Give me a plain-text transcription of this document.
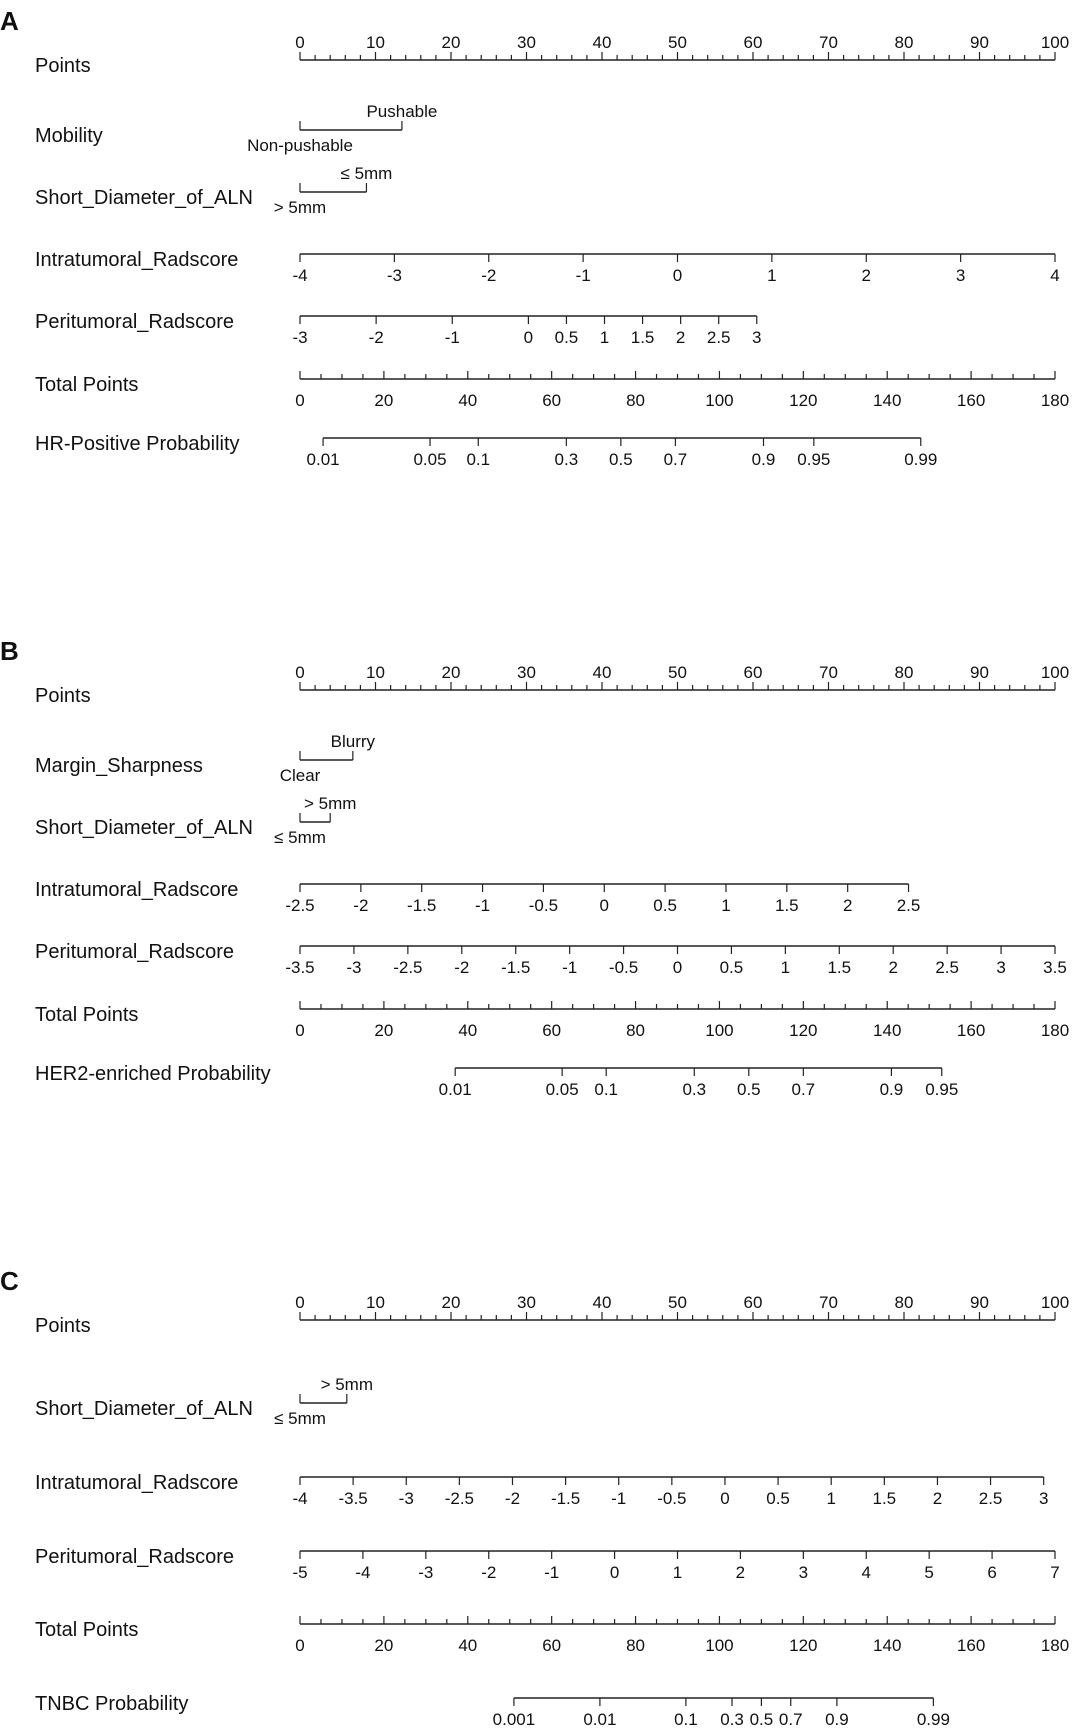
A
Points
0	10	20	30	40	50	60	70	80	90	100
Mobility	Non-pushable
Pushable
Short_Diameter_of_ALN > 5mm
≤ 5mm
Intratumoral_Radscore
-4	-3	-2	-1	0	1	2	3	4
Peritumoral_Radscore
-3	-2	-1	0 0.5 1 1.5 2 2.5 3
Total Points
0	20	40	60	80	100	120	140	160	180
HR-Positive Probability
0.01	0.05 0.1	0.3 0.5 0.7	0.9 0.95	0.99
B
Points
0	10	20	30	40	50	60	70	80	90	100
Margin_Sharpness	Clear
Blurry
Short_Diameter_of_ALN ≤ 5mm
> 5mm
Intratumoral_Radscore
-2.5 -2 -1.5 -1 -0.5 0	0.5	1	1.5	2	2.5
Peritumoral_Radscore
-3.5 -3 -2.5 -2 -1.5 -1 -0.5 0 0.5 1 1.5 2 2.5 3 3.5
Total Points
0	20	40	60	80	100	120	140	160	180
HER2-enriched Probability
0.01	0.05 0.1	0.3 0.5 0.7	0.9 0.95
C
Points
0	10	20	30	40	50	60	70	80	90	100
Short_Diameter_of_ALN ≤ 5mm
> 5mm
Intratumoral_Radscore
-4 -3.5 -3 -2.5 -2 -1.5 -1 -0.5 0 0.5 1 1.5 2 2.5 3
Peritumoral_Radscore
-5	-4	-3	-2	-1	0	1	2	3	4	5	6	7
Total Points
0	20	40	60	80	100	120	140	160	180
TNBC Probability
0.001	0.01	0.1 0.3 0.5 0.7 0.9	0.99
